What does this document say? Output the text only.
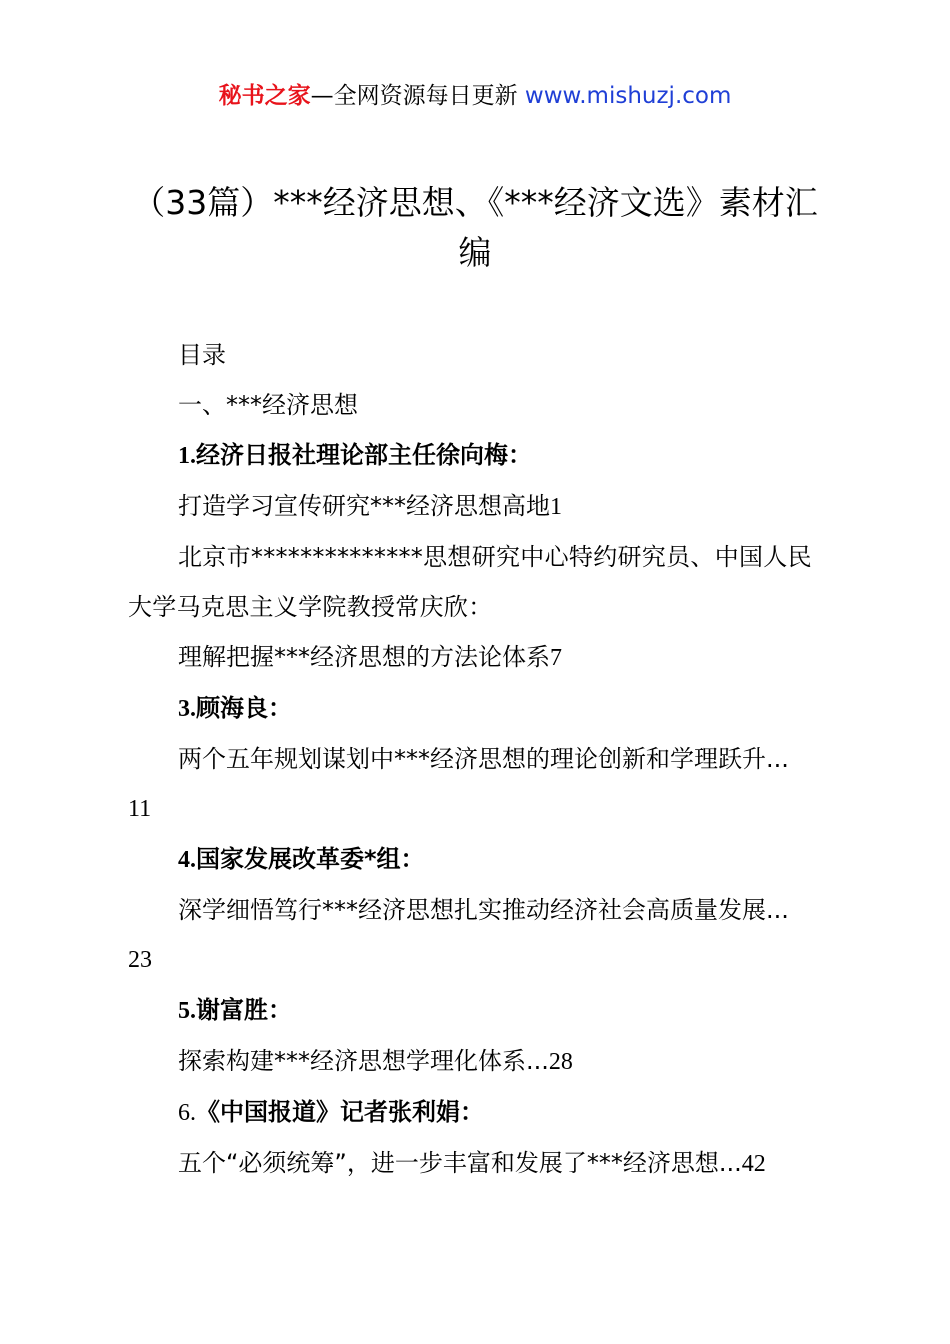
秘书之家—全网资源每日更新 www.mishuzj.com
（33篇）***经济思想、《***经济文选》素材汇编
目录
一、***经济思想
1.经济日报社理论部主任徐向梅：
打造学习宣传研究***经济思想高地1
北京市**************思想研究中心特约研究员、中国人民大学马克思主义学院教授常庆欣：
理解把握***经济思想的方法论体系7
3.顾海良：
两个五年规划谋划中***经济思想的理论创新和学理跃升...
11
4.国家发展改革委*组：
深学细悟笃行***经济思想扎实推动经济社会高质量发展...
23
5.谢富胜：
探索构建***经济思想学理化体系...28
6.《中国报道》记者张利娟：
五个“必须统筹”，进一步丰富和发展了***经济思想...42
